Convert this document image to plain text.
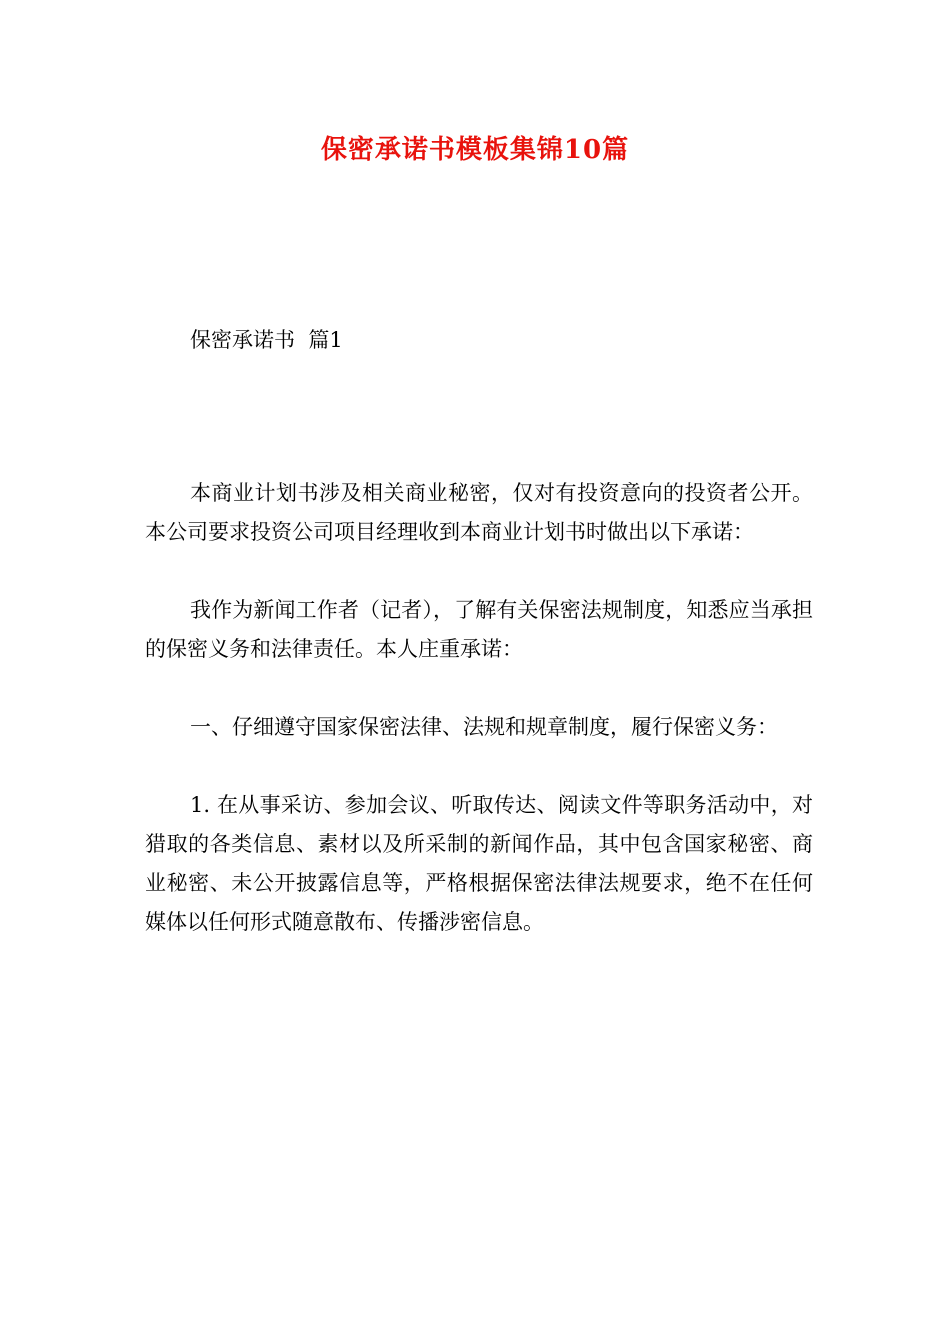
保密承诺书模板集锦10篇
保密承诺书  篇1

本商业计划书涉及相关商业秘密，仅对有投资意向的投资者公开。本公司要求投资公司项目经理收到本商业计划书时做出以下承诺：

我作为新闻工作者（记者），了解有关保密法规制度，知悉应当承担的保密义务和法律责任。本人庄重承诺：

一、仔细遵守国家保密法律、法规和规章制度，履行保密义务：

1. 在从事采访、参加会议、听取传达、阅读文件等职务活动中，对猎取的各类信息、素材以及所采制的新闻作品，其中包含国家秘密、商业秘密、未公开披露信息等，严格根据保密法律法规要求，绝不在任何媒体以任何形式随意散布、传播涉密信息。
